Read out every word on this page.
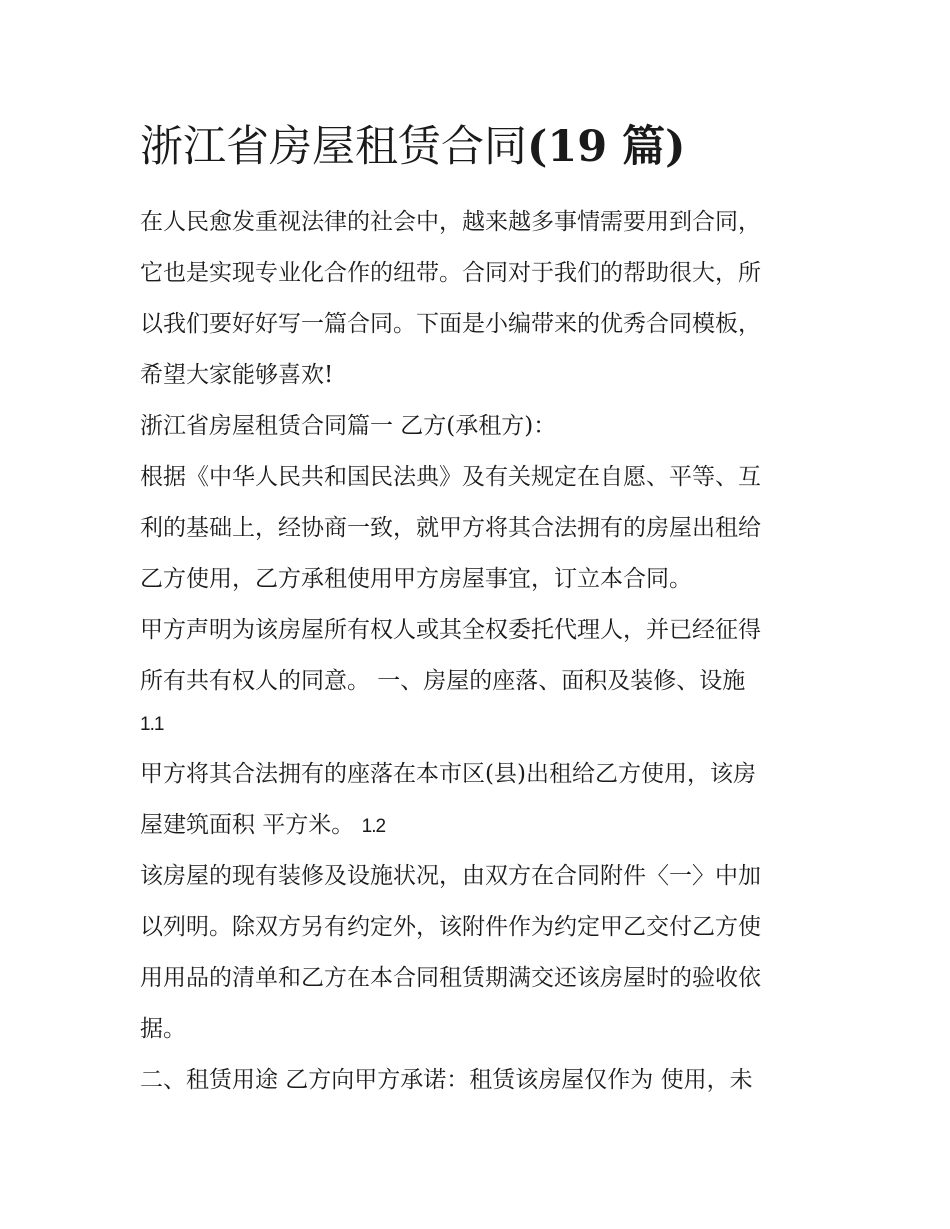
浙江省房屋租赁合同(19 篇)

在人民愈发重视法律的社会中，越来越多事情需要用到合同，

它也是实现专业化合作的纽带。合同对于我们的帮助很大，所

以我们要好好写一篇合同。下面是小编带来的优秀合同模板，

希望大家能够喜欢!

浙江省房屋租赁合同篇一 乙方(承租方)：

根据《中华人民共和国民法典》及有关规定在自愿、平等、互

利的基础上，经协商一致，就甲方将其合法拥有的房屋出租给

乙方使用，乙方承租使用甲方房屋事宜，订立本合同。

甲方声明为该房屋所有权人或其全权委托代理人，并已经征得

所有共有权人的同意。 一、房屋的座落、面积及装修、设施

1.1

甲方将其合法拥有的座落在本市区(县)出租给乙方使用，该房

屋建筑面积 平方米。 1.2

该房屋的现有装修及设施状况，由双方在合同附件〈一〉中加

以列明。除双方另有约定外，该附件作为约定甲乙交付乙方使

用用品的清单和乙方在本合同租赁期满交还该房屋时的验收依

据。

二、租赁用途 乙方向甲方承诺：租赁该房屋仅作为 使用，未
